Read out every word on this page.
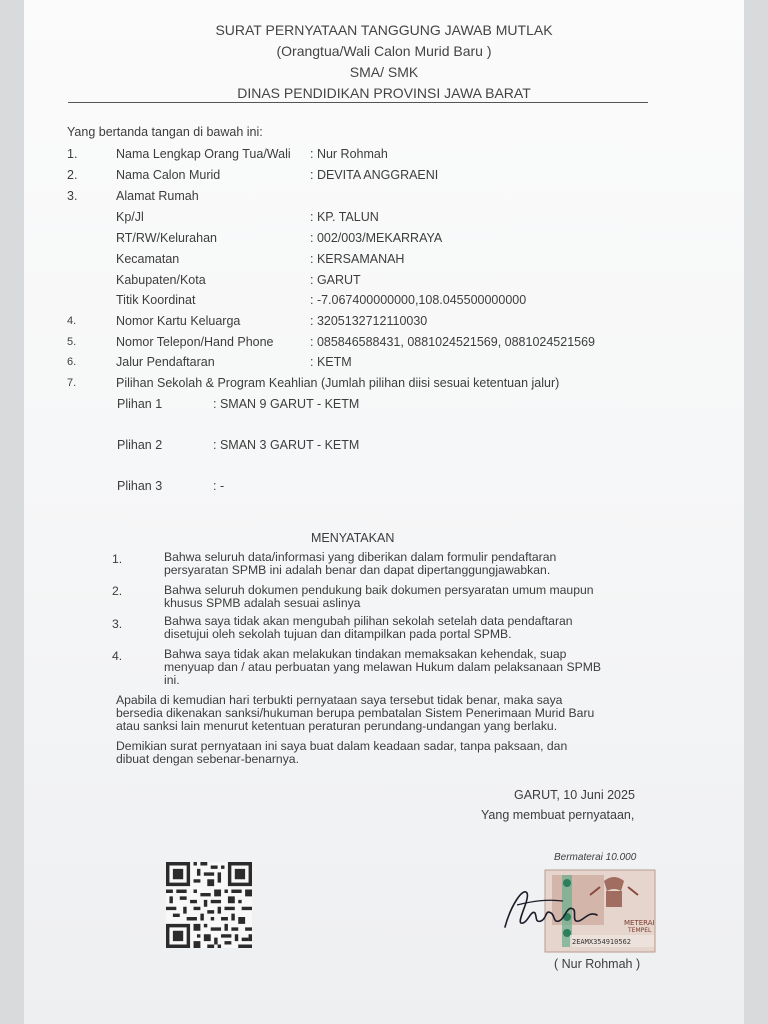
SURAT PERNYATAAN TANGGUNG JAWAB MUTLAK
(Orangtua/Wali Calon Murid Baru )
SMA/ SMK
DINAS PENDIDIKAN PROVINSI JAWA BARAT
Yang bertanda tangan di bawah ini:
1.	Nama Lengkap Orang Tua/Wali : Nur Rohmah
2.	Nama Calon Murid	: DEVITA ANGGRAENI
3.	Alamat Rumah
Kp/Jl	: KP. TALUN
RT/RW/Kelurahan	: 002/003/MEKARRAYA
Kecamatan	: KERSAMANAH
Kabupaten/Kota	: GARUT
Titik Koordinat	: -7.067400000000,108.045500000000
4.	Nomor Kartu Keluarga	: 3205132712110030
5.	Nomor Telepon/Hand Phone	: 085846588431, 0881024521569, 0881024521569
6.	Jalur Pendaftaran	: KETM
7.	Pilihan Sekolah & Program Keahlian (Jumlah pilihan diisi sesuai ketentuan jalur)
Plihan 1	: SMAN 9 GARUT - KETM
Plihan 2	: SMAN 3 GARUT - KETM
Plihan 3	: -
MENYATAKAN
1.	Bahwa seluruh data/informasi yang diberikan dalam formulir pendaftaran
persyaratan SPMB ini adalah benar dan dapat dipertanggungjawabkan.
2.	Bahwa seluruh dokumen pendukung baik dokumen persyaratan umum maupun
khusus SPMB adalah sesuai aslinya
3.	Bahwa saya tidak akan mengubah pilihan sekolah setelah data pendaftaran
disetujui oleh sekolah tujuan dan ditampilkan pada portal SPMB.
4.	Bahwa saya tidak akan melakukan tindakan memaksakan kehendak, suap
menyuap dan / atau perbuatan yang melawan Hukum dalam pelaksanaan SPMB
ini.
Apabila di kemudian hari terbukti pernyataan saya tersebut tidak benar, maka saya
bersedia dikenakan sanksi/hukuman berupa pembatalan Sistem Penerimaan Murid Baru
atau sanksi lain menurut ketentuan peraturan perundang-undangan yang berlaku.
Demikian surat pernyataan ini saya buat dalam keadaan sadar, tanpa paksaan, dan
dibuat dengan sebenar-benarnya.
GARUT, 10 Juni 2025
Yang membuat pernyataan,
Bermaterai 10.000
METERAI
TEMPEL
2EAMX354910562
( Nur Rohmah )
